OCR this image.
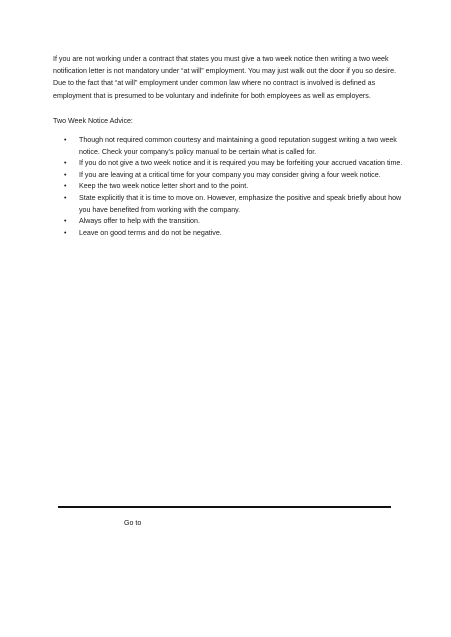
If you are not working under a contract that states you must give a two week notice then writing a two week notification letter is not mandatory under “at will” employment. You may just walk out the door if you so desire. Due to the fact that “at will” employment under common law where no contract is involved is defined as employment that is presumed to be voluntary and indefinite for both employees as well as employers.

Two Week Notice Advice:

• Though not required common courtesy and maintaining a good reputation suggest writing a two week notice. Check your company’s policy manual to be certain what is called for.
• If you do not give a two week notice and it is required you may be forfeiting your accrued vacation time.
• If you are leaving at a critical time for your company you may consider giving a four week notice.
• Keep the two week notice letter short and to the point.
• State explicitly that it is time to move on. However, emphasize the positive and speak briefly about how you have benefited from working with the company.
• Always offer to help with the transition.
• Leave on good terms and do not be negative.

Go to
